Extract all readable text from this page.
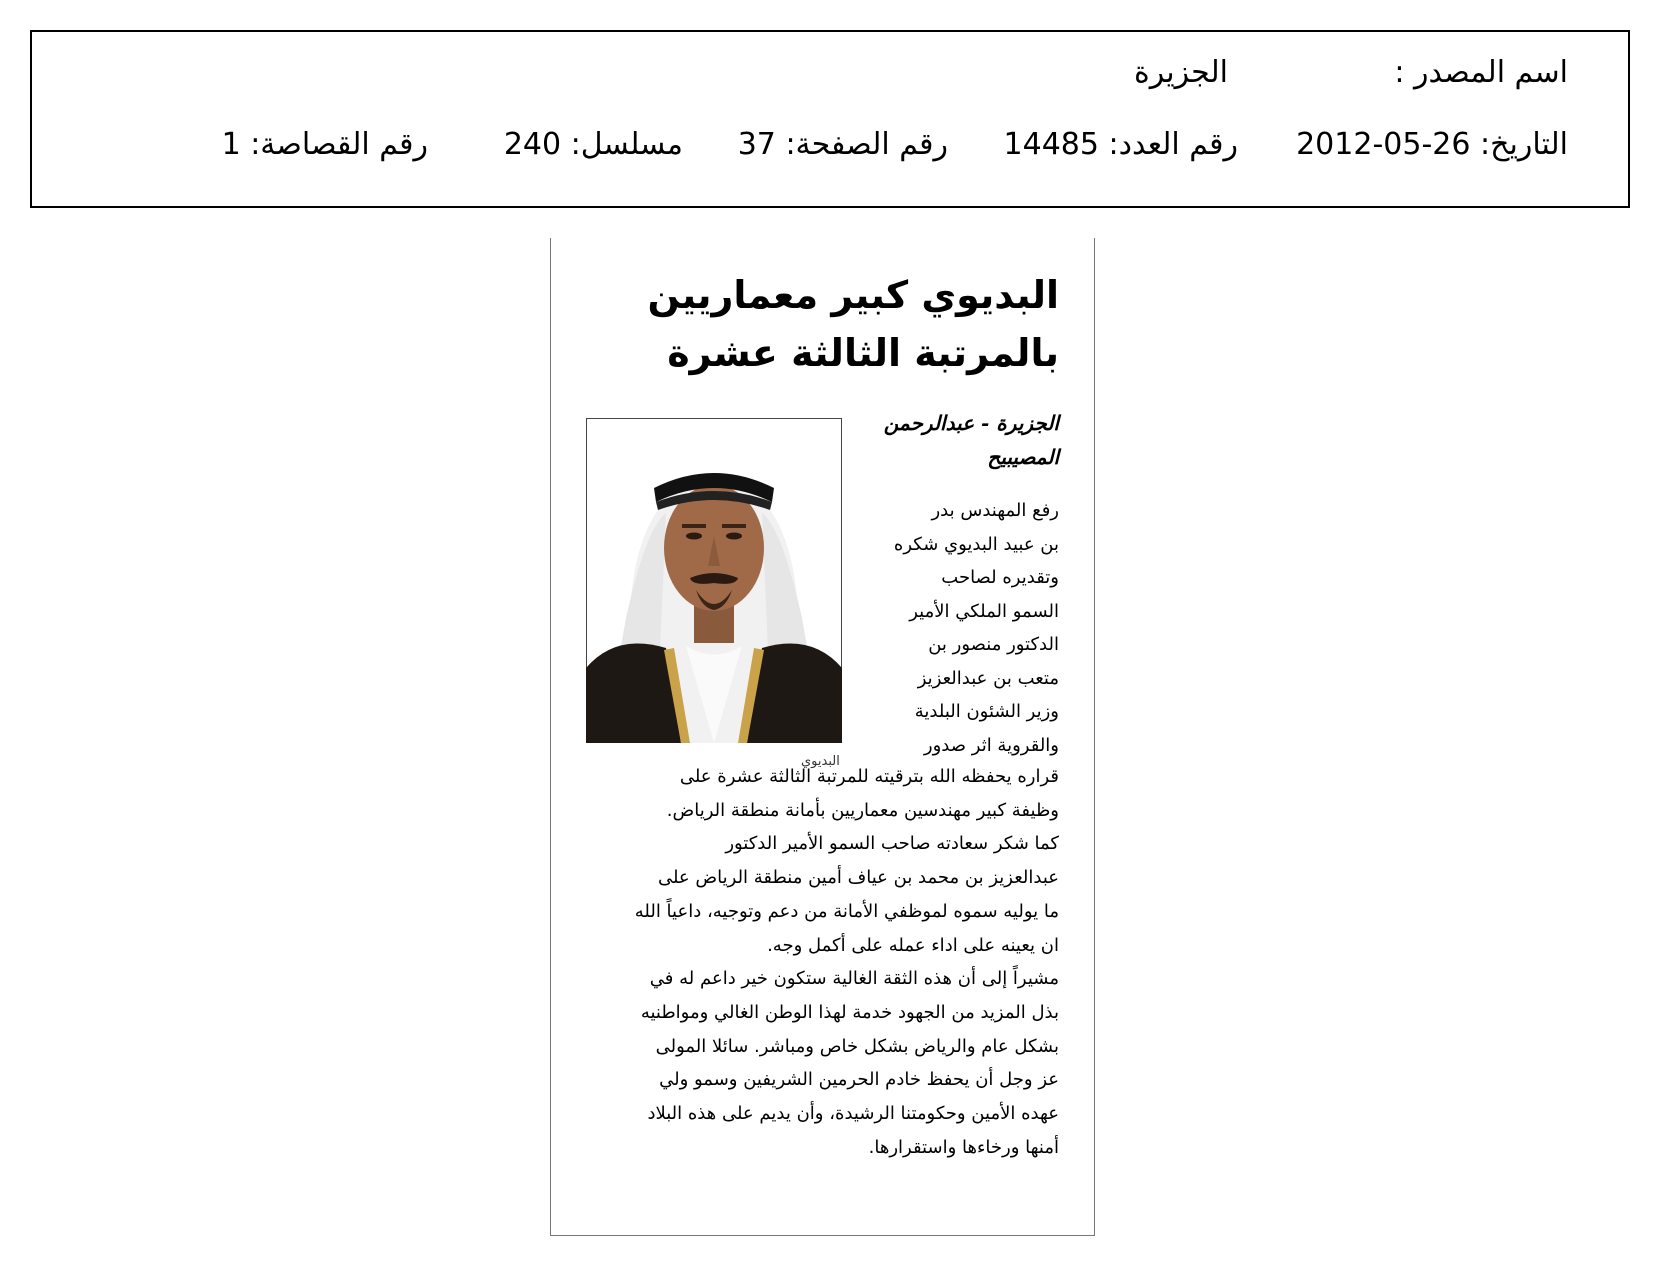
اسم المصدر :
الجزيرة
التاريخ: 26-05-2012
رقم العدد: 14485
رقم الصفحة: 37
مسلسل: 240
رقم القصاصة: 1
البديوي كبير معماريين
بالمرتبة الثالثة عشرة
الجزيرة - عبدالرحمن
المصيبيح
البديوي
رفع المهندس بدر
بن عبيد البديوي شكره
وتقديره لصاحب
السمو الملكي الأمير
الدكتور منصور بن
متعب بن عبدالعزيز
وزير الشئون البلدية
والقروية اثر صدور
قراره يحفظه الله بترقيته للمرتبة الثالثة عشرة على
وظيفة كبير مهندسين معماريين بأمانة منطقة الرياض.
كما شكر سعادته صاحب السمو الأمير الدكتور
عبدالعزيز بن محمد بن عياف أمين منطقة الرياض على
ما يوليه سموه لموظفي الأمانة من دعم وتوجيه، داعياً الله
ان يعينه على اداء عمله على أكمل وجه.
مشيراً إلى أن هذه الثقة الغالية ستكون خير داعم له في
بذل المزيد من الجهود خدمة لهذا الوطن الغالي ومواطنيه
بشكل عام والرياض بشكل خاص ومباشر. سائلا المولى
عز وجل أن يحفظ خادم الحرمين الشريفين وسمو ولي
عهده الأمين وحكومتنا الرشيدة، وأن يديم على هذه البلاد
أمنها ورخاءها واستقرارها.
